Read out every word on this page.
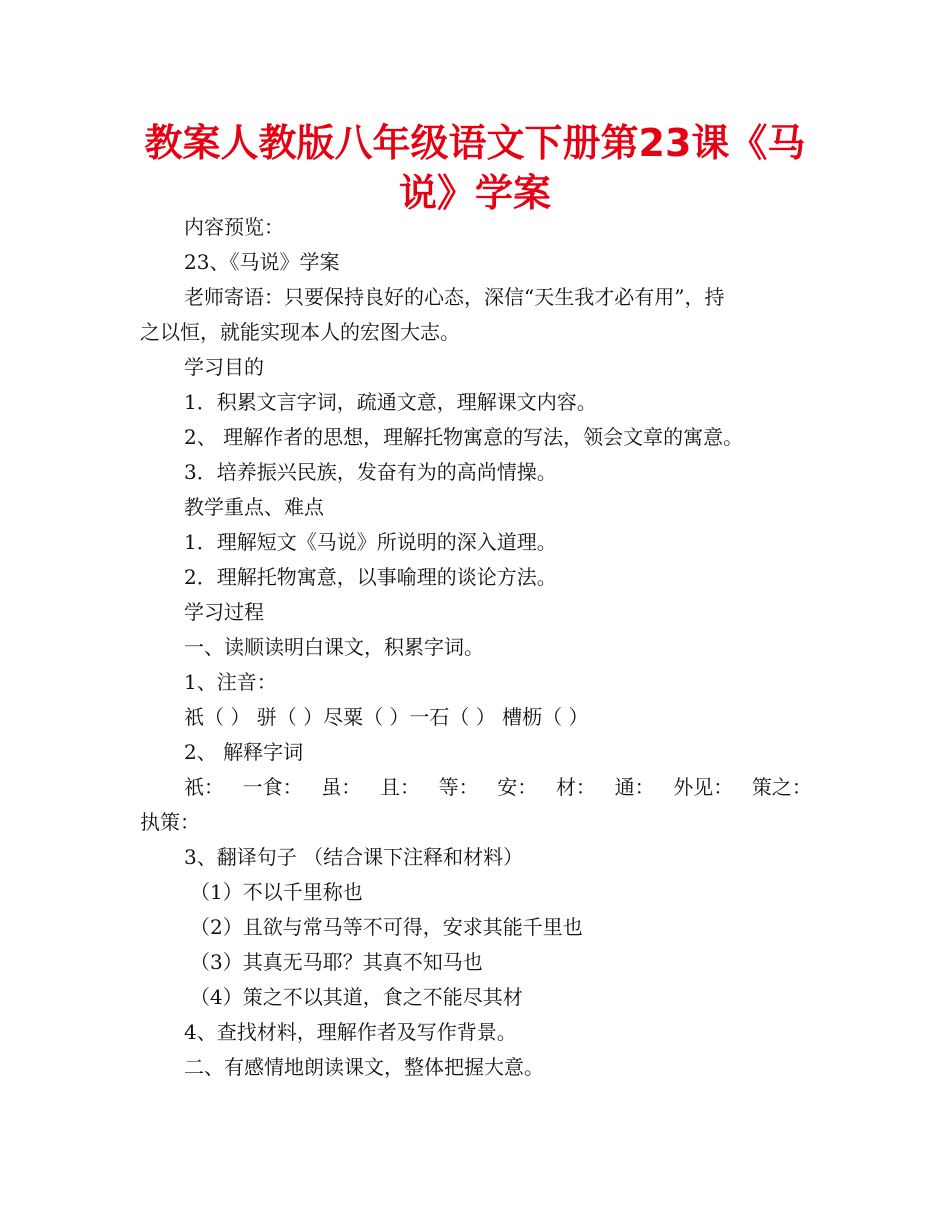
教案人教版八年级语文下册第23课《马
说》学案
内容预览：
23、《马说》学案
老师寄语：只要保持良好的心态，深信“天生我才必有用”，持
之以恒，就能实现本人的宏图大志。
学习目的
1．积累文言字词，疏通文意，理解课文内容。
2、 理解作者的思想，理解托物寓意的写法，领会文章的寓意。
3．培养振兴民族，发奋有为的高尚情操。
教学重点、难点
1．理解短文《马说》所说明的深入道理。
2．理解托物寓意，以事喻理的谈论方法。
学习过程
一、读顺读明白课文，积累字词。
1、注音：
祇（ ） 骈（ ）尽粟（ ）一石（ ） 槽枥（ ）
2、 解释字词
祇： 一食： 虽： 且： 等： 安： 材： 通： 外见： 策之：
执策：
3、翻译句子 （结合课下注释和材料）
（1）不以千里称也
（2）且欲与常马等不可得，安求其能千里也
（3）其真无马耶？其真不知马也
（4）策之不以其道，食之不能尽其材
4、查找材料，理解作者及写作背景。
二、有感情地朗读课文，整体把握大意。
